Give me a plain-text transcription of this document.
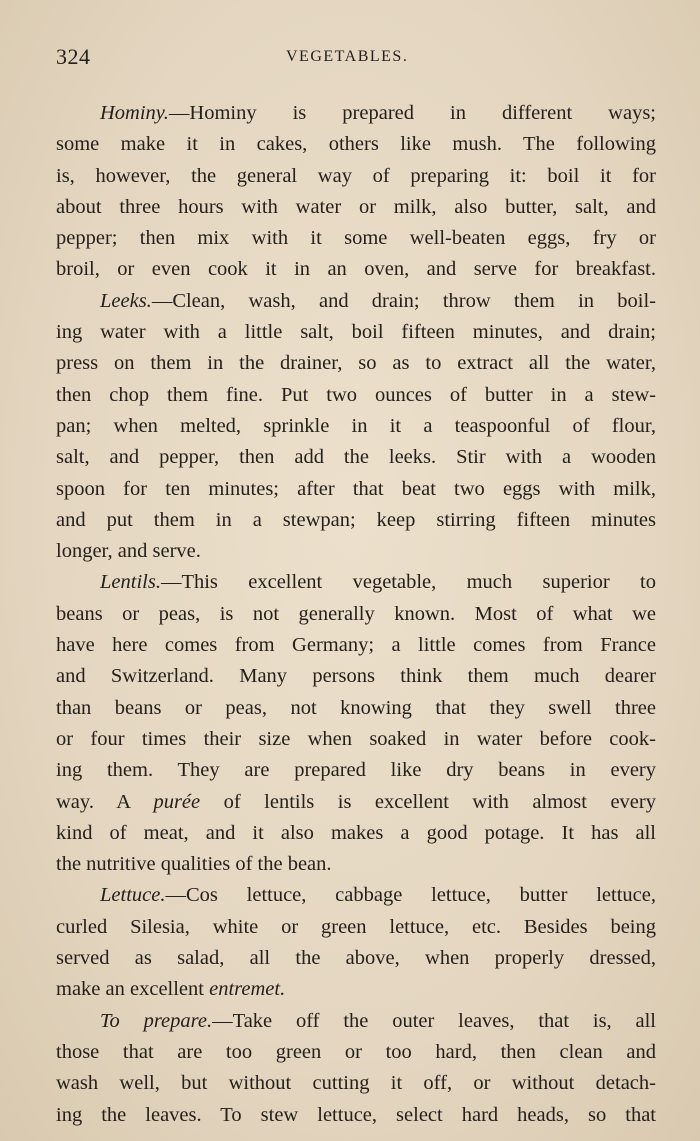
324	VEGETABLES.
Hominy.—Hominy is prepared in different ways;
some make it in cakes, others like mush. The following
is, however, the general way of preparing it: boil it for
about three hours with water or milk, also butter, salt, and
pepper; then mix with it some well-beaten eggs, fry or
broil, or even cook it in an oven, and serve for breakfast.
Leeks.—Clean, wash, and drain; throw them in boil-
ing water with a little salt, boil fifteen minutes, and drain;
press on them in the drainer, so as to extract all the water,
then chop them fine. Put two ounces of butter in a stew-
pan; when melted, sprinkle in it a teaspoonful of flour,
salt, and pepper, then add the leeks. Stir with a wooden
spoon for ten minutes; after that beat two eggs with milk,
and put them in a stewpan; keep stirring fifteen minutes
longer, and serve.
Lentils.—This excellent vegetable, much superior to
beans or peas, is not generally known. Most of what we
have here comes from Germany; a little comes from France
and Switzerland. Many persons think them much dearer
than beans or peas, not knowing that they swell three
or four times their size when soaked in water before cook-
ing them. They are prepared like dry beans in every
way. A purée of lentils is excellent with almost every
kind of meat, and it also makes a good potage. It has all
the nutritive qualities of the bean.
Lettuce.—Cos lettuce, cabbage lettuce, butter lettuce,
curled Silesia, white or green lettuce, etc. Besides being
served as salad, all the above, when properly dressed,
make an excellent entremet.
To prepare.—Take off the outer leaves, that is, all
those that are too green or too hard, then clean and
wash well, but without cutting it off, or without detach-
ing the leaves. To stew lettuce, select hard heads, so that
